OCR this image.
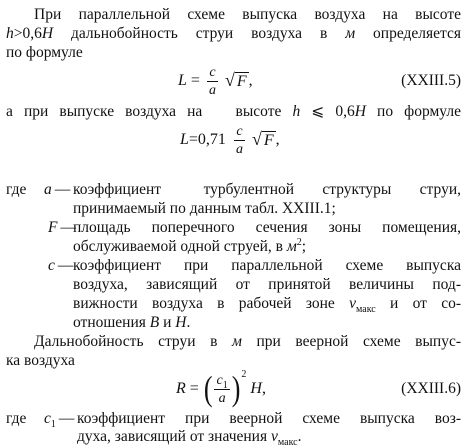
При параллельной схеме выпуска воздуха на высоте
h>0,6H дальнобойность струи воздуха в м определяется
по формуле
$L = \frac{c}{a}$ √ F ,	(XXIII.5)
а при выпуске воздуха на   высоте h ⩽ 0,6H по формуле
$L =0,71 \frac{c}{a}$ √ F ,
где a — коэффициент   турбулентной  структуры  струи,
принимаемый по данным табл. XXIII.1;
F —
площадь поперечного сечения зоны помещения,
обслуживаемой одной струей, в $м^2$;
c — коэффициент  при  параллельной  схеме  выпуска
воздуха, зависящий от принятой величины под-
вижности воздуха в рабочей зоне $v_{макс}$ и от со-
отношения B и H.
Дальнобойность струи в м при веерной схеме выпус-
ка воздуха
R = ( $\frac{c_1}{a}$ ) 2
H ,	(XXIII.6)
где $c_1$ — коэффициент при веерной схеме выпуска воз-
духа, зависящий от значения $v_{макс}$.
